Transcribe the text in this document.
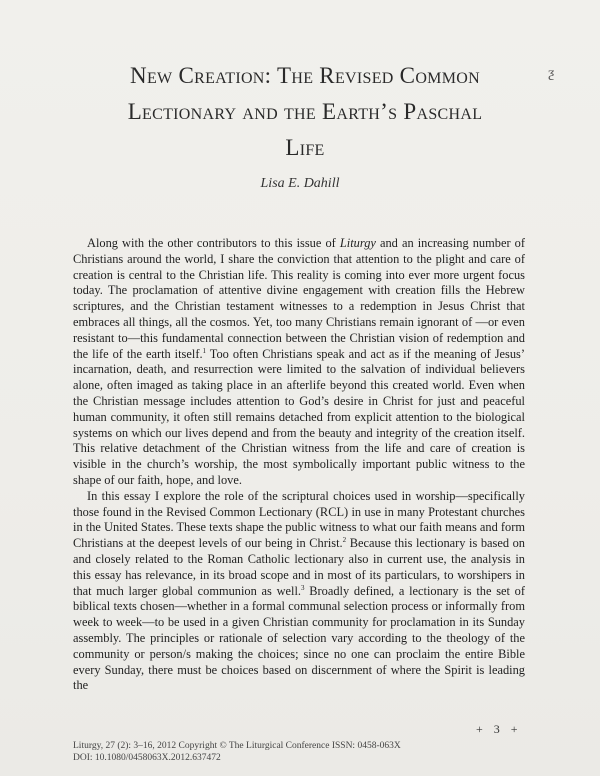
New Creation: The Revised Common
Lectionary and the Earth’s Paschal
Life
ƺ
Lisa E. Dahill

Along with the other contributors to this issue of Liturgy and an increasing number of Christians around the world, I share the conviction that attention to the plight and care of creation is central to the Christian life. This reality is coming into ever more urgent focus today. The proclamation of attentive divine engagement with creation fills the Hebrew scriptures, and the Christian testament witnesses to a redemption in Jesus Christ that embraces all things, all the cosmos. Yet, too many Christians remain ignorant of —or even resistant to—this fundamental connection between the Christian vision of redemption and the life of the earth itself.$^1$ Too often Christians speak and act as if the meaning of Jesus’ incarnation, death, and resurrection were limited to the salvation of individual believers alone, often imaged as taking place in an afterlife beyond this created world. Even when the Christian message includes attention to God’s desire in Christ for just and peaceful human community, it often still remains detached from explicit attention to the biological systems on which our lives depend and from the beauty and integrity of the creation itself. This relative detachment of the Christian witness from the life and care of creation is visible in the church’s worship, the most symbolically important public witness to the shape of our faith, hope, and love.

In this essay I explore the role of the scriptural choices used in worship—specifically those found in the Revised Common Lectionary (RCL) in use in many Protestant churches in the United States. These texts shape the public witness to what our faith means and form Christians at the deepest levels of our being in Christ.$^2$ Because this lectionary is based on and closely related to the Roman Catholic lectionary also in current use, the analysis in this essay has relevance, in its broad scope and in most of its particulars, to worshipers in that much larger global communion as well.$^3$ Broadly defined, a lectionary is the set of biblical texts chosen—whether in a formal communal selection process or informally from week to week—to be used in a given Christian community for proclamation in its Sunday assembly. The principles or rationale of selection vary according to the theology of the community or person/s making the choices; since no one can proclaim the entire Bible every Sunday, there must be choices based on discernment of where the Spirit is leading the

+ 3 +
Liturgy, 27 (2): 3–16, 2012 Copyright © The Liturgical Conference ISSN: 0458-063X
DOI: 10.1080/0458063X.2012.637472
